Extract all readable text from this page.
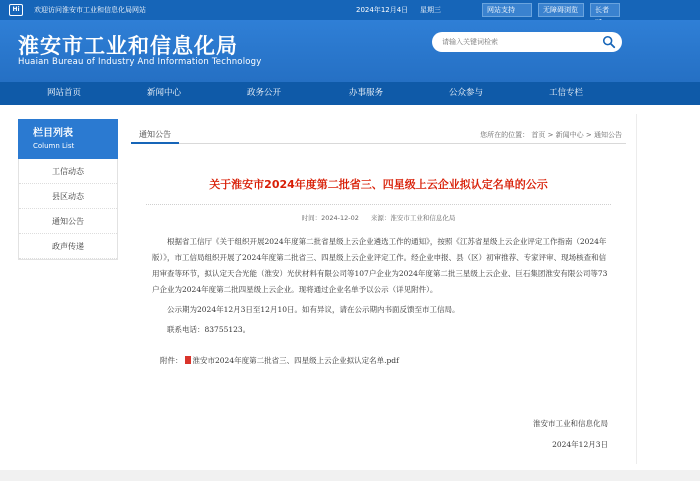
Hi	欢迎访问淮安市工业和信息化局网站	2024年12月4日 星期三	网站支持	无障碍浏览	长者
淮安市工业和信息化局
Huaian Bureau of Industry And Information Technology
请输入关键词检索
网站首页	新闻中心	政务公开	办事服务	公众参与	工信专栏
栏目列表
Column List
工信动态
县区动态
通知公告
政声传递
通知公告	您所在的位置： 首页 > 新闻中心 > 通知公告
关于淮安市2024年度第二批省三、四星级上云企业拟认定名单的公示
时间：2024-12-02 来源：淮安市工业和信息化局

根据省工信厅《关于组织开展2024年度第二批省星级上云企业遴选工作的通知》，按照《江苏省星级上云企业评定工作指南（2024年版）》，市工信局组织开展了2024年度第二批省三、四星级上云企业评定工作。经企业申报、县（区）初审推荐、专家评审、现场核查和信用审查等环节，拟认定天合光能（淮安）光伏材料有限公司等107户企业为2024年度第二批三星级上云企业、巨石集团淮安有限公司等73户企业为2024年度第二批四星级上云企业。现将通过企业名单予以公示（详见附件）。

公示期为2024年12月3日至12月10日。如有异议，请在公示期内书面反馈至市工信局。

联系电话：83755123。

附件： 淮安市2024年度第二批省三、四星级上云企业拟认定名单.pdf
淮安市工业和信息化局
2024年12月3日
